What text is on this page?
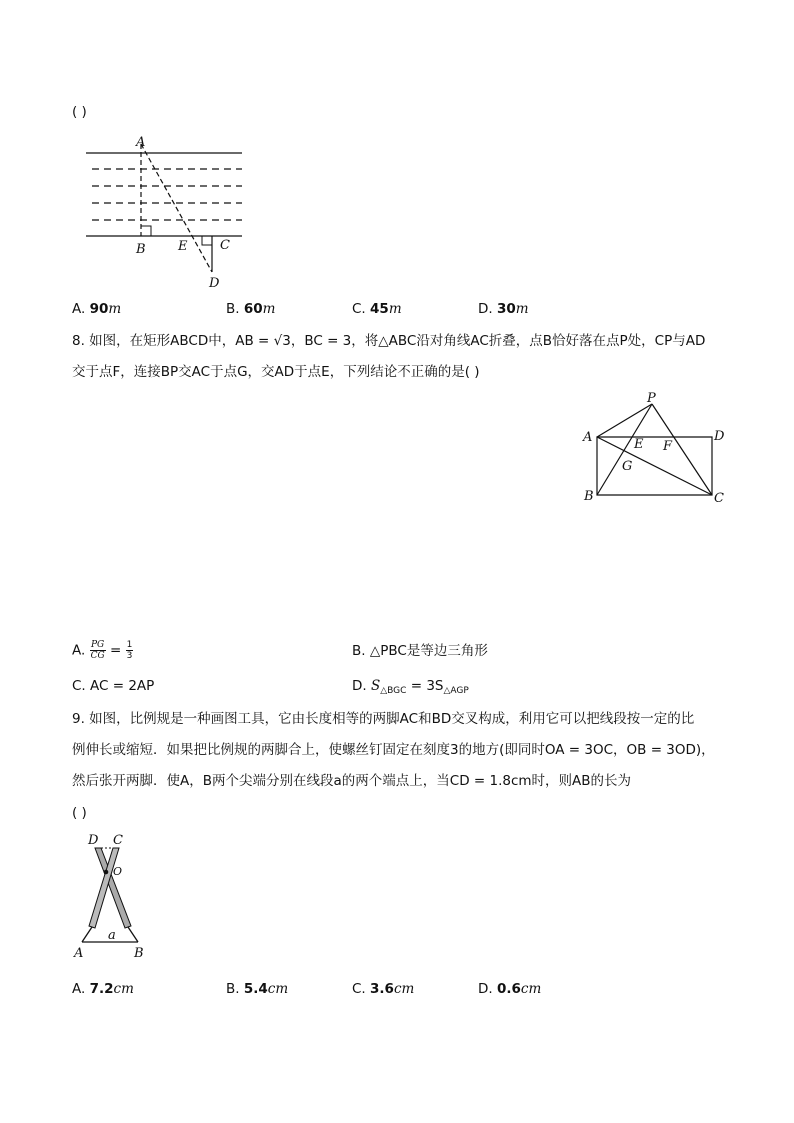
( )
A
B E	C
D
A. 90m	B. 60m	C. 45m	D. 30m
8. 如图，在矩形ABCD中，AB = √3，BC = 3，将△ABC沿对角线AC折叠，点B恰好落在点P处，CP与AD
交于点F，连接BP交AC于点G，交AD于点E，下列结论不正确的是( )
P
A	E F
D
G
B	C
A. $\frac{PG}{CG} = \frac{1}{3}$	B. △PBC是等边三角形
C. AC = 2AP	D. $S_{\triangle BGC} = 3S_{\triangle AGP}$
9. 如图，比例规是一种画图工具，它由长度相等的两脚AC和BD交叉构成，利用它可以把线段按一定的比
例伸长或缩短．如果把比例规的两脚合上，使螺丝钉固定在刻度3的地方(即同时OA = 3OC，OB = 3OD)，
然后张开两脚．使A，B两个尖端分别在线段a的两个端点上，当CD = 1.8cm时，则AB的长为
( )
D C
O
A
a
B
A. 7.2cm	B. 5.4cm	C. 3.6cm	D. 0.6cm
